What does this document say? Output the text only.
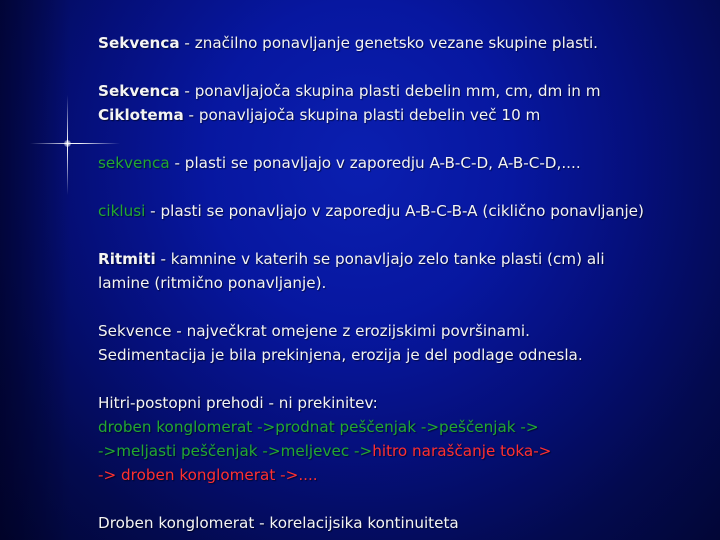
Sekvenca - značilno ponavljanje genetsko vezane skupine plasti.
Sekvenca - ponavljajoča skupina plasti debelin mm, cm, dm in m
Ciklotema - ponavljajoča skupina plasti debelin več 10 m
sekvenca - plasti se ponavljajo v zaporedju A-B-C-D, A-B-C-D,....
ciklusi - plasti se ponavljajo v zaporedju A-B-C-B-A (ciklično ponavljanje)
Ritmiti - kamnine v katerih se ponavljajo zelo tanke plasti (cm) ali
lamine (ritmično ponavljanje).
Sekvence - največkrat omejene z erozijskimi površinami.
Sedimentacija je bila prekinjena, erozija je del podlage odnesla.
Hitri-postopni prehodi - ni prekinitev:
droben konglomerat ->prodnat peščenjak ->peščenjak ->
->meljasti peščenjak ->meljevec ->hitro naraščanje toka->
-> droben konglomerat ->....
Droben konglomerat - korelacijsika kontinuiteta
